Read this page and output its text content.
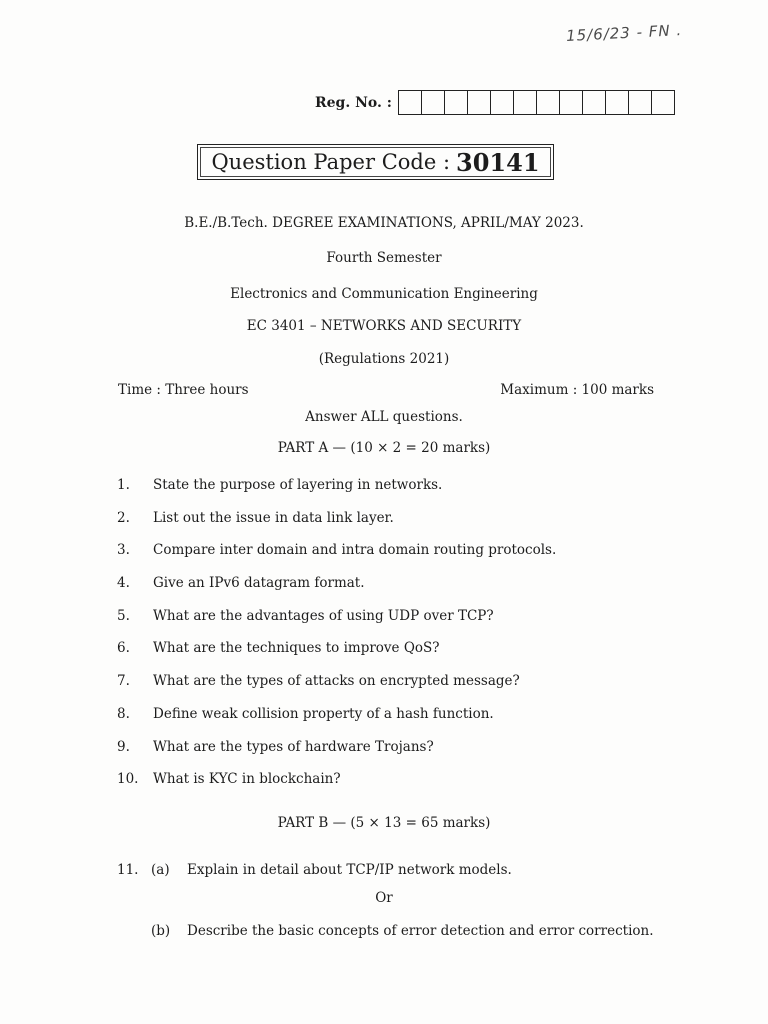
15/6/23 - FN .
Reg. No. :
Question Paper Code : 30141
B.E./B.Tech. DEGREE EXAMINATIONS, APRIL/MAY 2023.
Fourth Semester
Electronics and Communication Engineering
EC 3401 – NETWORKS AND SECURITY
(Regulations 2021)
Time : Three hours	Maximum : 100 marks
Answer ALL questions.
PART A — (10 × 2 = 20 marks)
1.	State the purpose of layering in networks.
2.	List out the issue in data link layer.
3.	Compare inter domain and intra domain routing protocols.
4.	Give an IPv6 datagram format.
5.	What are the advantages of using UDP over TCP?
6.	What are the techniques to improve QoS?
7.	What are the types of attacks on encrypted message?
8.	Define weak collision property of a hash function.
9.	What are the types of hardware Trojans?
10.	What is KYC in blockchain?
PART B — (5 × 13 = 65 marks)
11. (a)	Explain in detail about TCP/IP network models.
Or
(b)	Describe the basic concepts of error detection and error correction.
